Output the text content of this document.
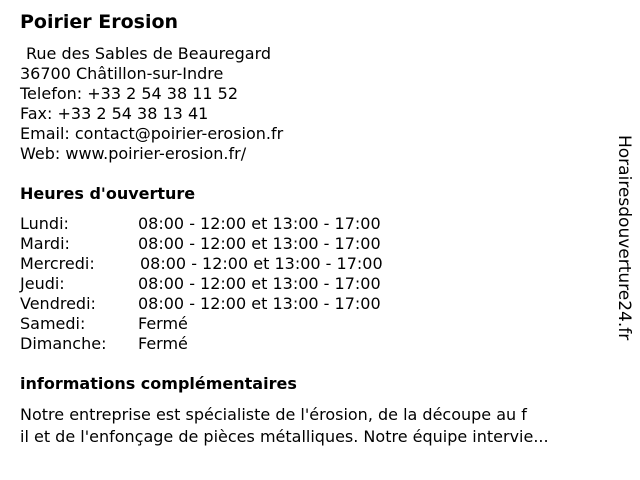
Poirier Erosion
Rue des Sables de Beauregard
36700 Châtillon-sur-Indre
Telefon: +33 2 54 38 11 52
Fax: +33 2 54 38 13 41
Email: contact@poirier-erosion.fr
Web: www.poirier-erosion.fr/
Heures d'ouverture
Lundi:	08:00 - 12:00 et 13:00 - 17:00
Mardi:	08:00 - 12:00 et 13:00 - 17:00
Mercredi:	08:00 - 12:00 et 13:00 - 17:00
Jeudi:	08:00 - 12:00 et 13:00 - 17:00
Vendredi:	08:00 - 12:00 et 13:00 - 17:00
Samedi:	Fermé
Dimanche: Fermé
informations complémentaires
Notre entreprise est spécialiste de l'érosion, de la découpe au f
il et de l'enfonçage de pièces métalliques. Notre équipe intervie...
Horairesdouverture24.fr
